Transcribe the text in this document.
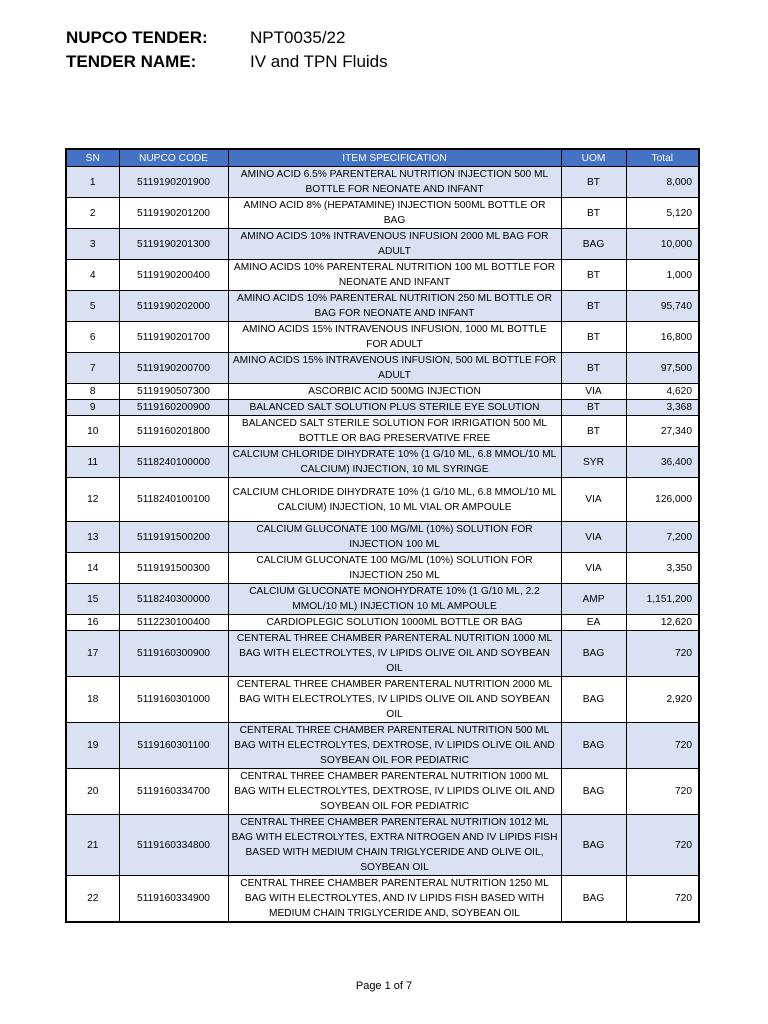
NUPCO TENDER: NPT0035/22
TENDER NAME:	IV and TPN Fluids
SN	NUPCO CODE	ITEM SPECIFICATION	UOM	Total
1	5119190201900	AMINO ACID 6.5% PARENTERAL NUTRITION INJECTION 500 ML BOTTLE FOR NEONATE AND INFANT	BT	8,000
2	5119190201200	AMINO ACID 8% (HEPATAMINE) INJECTION 500ML BOTTLE OR BAG	BT	5,120
3	5119190201300	AMINO ACIDS 10% INTRAVENOUS INFUSION 2000 ML BAG FOR ADULT	BAG	10,000
4	5119190200400	AMINO ACIDS 10% PARENTERAL NUTRITION 100 ML BOTTLE FOR NEONATE AND INFANT	BT	1,000
5	5119190202000	AMINO ACIDS 10% PARENTERAL NUTRITION 250 ML BOTTLE OR BAG FOR NEONATE AND INFANT	BT	95,740
6	5119190201700	AMINO ACIDS 15% INTRAVENOUS INFUSION, 1000 ML BOTTLE FOR ADULT	BT	16,800
7	5119190200700	AMINO ACIDS 15% INTRAVENOUS INFUSION, 500 ML BOTTLE FOR ADULT	BT	97,500
8	5119190507300	ASCORBIC ACID 500MG INJECTION	VIA	4,620
9	5119160200900	BALANCED SALT SOLUTION PLUS STERILE EYE SOLUTION	BT	3,368
10	5119160201800	BALANCED SALT STERILE SOLUTION FOR IRRIGATION 500 ML BOTTLE OR BAG PRESERVATIVE FREE	BT	27,340
11	5118240100000	CALCIUM CHLORIDE DIHYDRATE 10% (1 G/10 ML, 6.8 MMOL/10 ML CALCIUM) INJECTION, 10 ML SYRINGE	SYR	36,400
12	5118240100100	CALCIUM CHLORIDE DIHYDRATE 10% (1 G/10 ML, 6.8 MMOL/10 ML CALCIUM) INJECTION, 10 ML VIAL OR AMPOULE	VIA	126,000
13	5119191500200	CALCIUM GLUCONATE 100 MG/ML (10%) SOLUTION FOR INJECTION 100 ML	VIA	7,200
14	5119191500300	CALCIUM GLUCONATE 100 MG/ML (10%) SOLUTION FOR INJECTION 250 ML	VIA	3,350
15	5118240300000	CALCIUM GLUCONATE MONOHYDRATE 10% (1 G/10 ML, 2.2 MMOL/10 ML) INJECTION 10 ML AMPOULE	AMP	1,151,200
16	5112230100400	CARDIOPLEGIC SOLUTION 1000ML BOTTLE OR BAG	EA	12,620
17	5119160300900	CENTERAL THREE CHAMBER PARENTERAL NUTRITION 1000 ML BAG WITH ELECTROLYTES, IV LIPIDS OLIVE OIL AND SOYBEAN OIL	BAG	720
18	5119160301000	CENTERAL THREE CHAMBER PARENTERAL NUTRITION 2000 ML BAG WITH ELECTROLYTES, IV LIPIDS OLIVE OIL AND SOYBEAN OIL	BAG	2,920
19	5119160301100	CENTERAL THREE CHAMBER PARENTERAL NUTRITION 500 ML BAG WITH ELECTROLYTES, DEXTROSE, IV LIPIDS OLIVE OIL AND SOYBEAN OIL FOR PEDIATRIC	BAG	720
20	5119160334700	CENTRAL THREE CHAMBER PARENTERAL NUTRITION 1000 ML BAG WITH ELECTROLYTES, DEXTROSE, IV LIPIDS OLIVE OIL AND SOYBEAN OIL FOR PEDIATRIC	BAG	720
21	5119160334800	CENTRAL THREE CHAMBER PARENTERAL NUTRITION 1012 ML BAG WITH ELECTROLYTES, EXTRA NITROGEN AND IV LIPIDS FISH BASED WITH MEDIUM CHAIN TRIGLYCERIDE AND OLIVE OIL, SOYBEAN OIL	BAG	720
22	5119160334900	CENTRAL THREE CHAMBER PARENTERAL NUTRITION 1250 ML BAG WITH ELECTROLYTES, AND IV LIPIDS FISH BASED WITH MEDIUM CHAIN TRIGLYCERIDE AND, SOYBEAN OIL	BAG	720
Page 1 of 7
